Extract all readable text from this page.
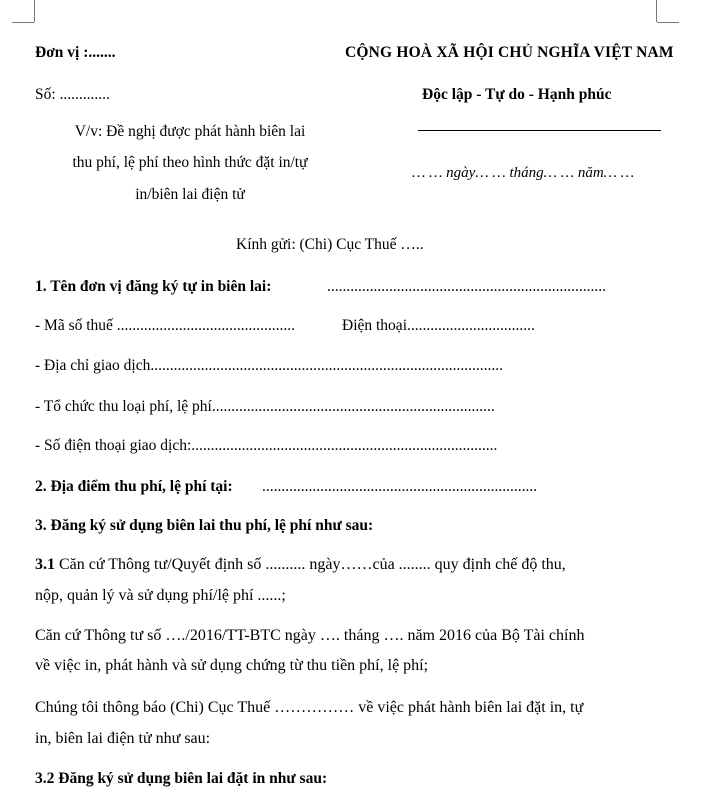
Đơn vị :.......
Số: .............
CỘNG HOÀ XÃ HỘI CHỦ NGHĨA VIỆT NAM
Độc lập - Tự do - Hạnh phúc
… … ngày… … tháng… … năm… …
V/v: Đề nghị được phát hành biên lai
thu phí, lệ phí theo hình thức đặt in/tự
in/biên lai điện tử
Kính gửi: (Chi) Cục Thuế …..
1. Tên đơn vị đăng ký tự in biên lai:	........................................................................
- Mã số thuế ..............................................	Điện thoại.................................
- Địa chỉ giao dịch...........................................................................................
- Tổ chức thu loại phí, lệ phí.........................................................................
- Số điện thoại giao dịch:...............................................................................
2. Địa điểm thu phí, lệ phí tại: .......................................................................
3. Đăng ký sử dụng biên lai thu phí, lệ phí như sau:
3.1 Căn cứ Thông tư/Quyết định số .......... ngày……của ........ quy định chế độ thu,
nộp, quản lý và sử dụng phí/lệ phí ......;
Căn cứ Thông tư số …./2016/TT-BTC ngày …. tháng …. năm 2016 của Bộ Tài chính
về việc in, phát hành và sử dụng chứng từ thu tiền phí, lệ phí;
Chúng tôi thông báo (Chi) Cục Thuế …………… về việc phát hành biên lai đặt in, tự
in, biên lai điện tử như sau:
3.2 Đăng ký sử dụng biên lai đặt in như sau:
